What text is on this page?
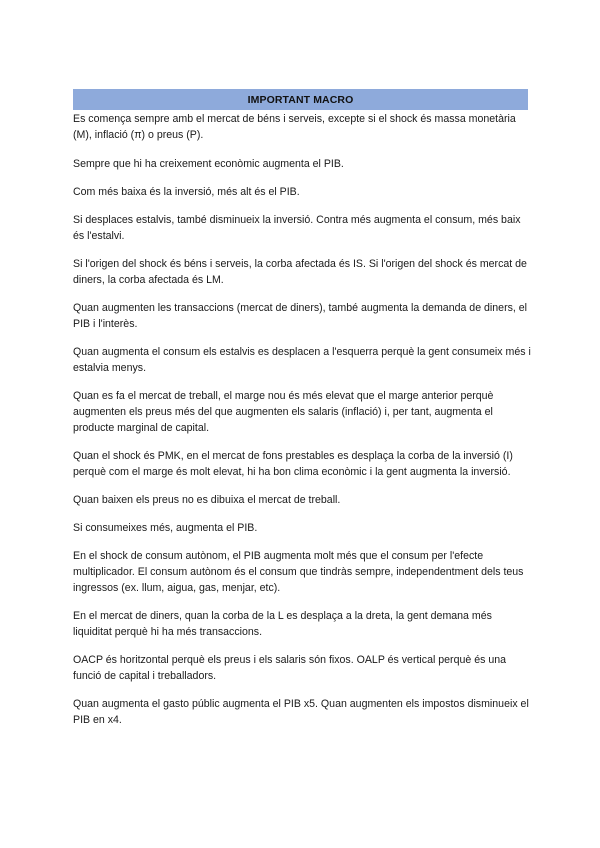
IMPORTANT MACRO

Es comença sempre amb el mercat de béns i serveis, excepte si el shock és massa monetària (M), inflació (π) o preus (P).

Sempre que hi ha creixement econòmic augmenta el PIB.

Com més baixa és la inversió, més alt és el PIB.

Si desplaces estalvis, també disminueix la inversió. Contra més augmenta el consum, més baix és l'estalvi.

Si l'origen del shock és béns i serveis, la corba afectada és IS. Si l'origen del shock és mercat de diners, la corba afectada és LM.

Quan augmenten les transaccions (mercat de diners), també augmenta la demanda de diners, el PIB i l'interès.

Quan augmenta el consum els estalvis es desplacen a l'esquerra perquè la gent consumeix més i estalvia menys.

Quan es fa el mercat de treball, el marge nou és més elevat que el marge anterior perquè augmenten els preus més del que augmenten els salaris (inflació) i, per tant, augmenta el producte marginal de capital.

Quan el shock és PMK, en el mercat de fons prestables es desplaça la corba de la inversió (I) perquè com el marge és molt elevat, hi ha bon clima econòmic i la gent augmenta la inversió.

Quan baixen els preus no es dibuixa el mercat de treball.

Si consumeixes més, augmenta el PIB.

En el shock de consum autònom, el PIB augmenta molt més que el consum per l'efecte multiplicador. El consum autònom és el consum que tindràs sempre, independentment dels teus ingressos (ex. llum, aigua, gas, menjar, etc).

En el mercat de diners, quan la corba de la L es desplaça a la dreta, la gent demana més liquiditat perquè hi ha més transaccions.

OACP és horitzontal perquè els preus i els salaris són fixos. OALP és vertical perquè és una funció de capital i treballadors.

Quan augmenta el gasto públic augmenta el PIB x5. Quan augmenten els impostos disminueix el PIB en x4.
